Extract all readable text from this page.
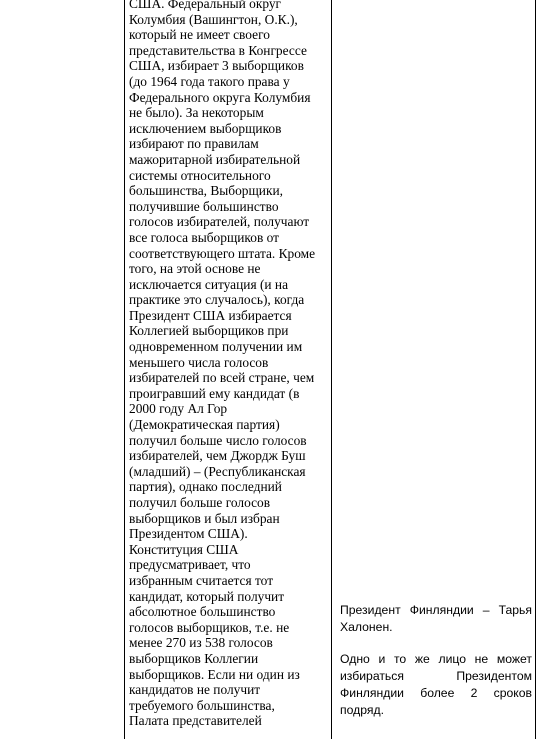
США. Федеральный округ
Колумбия (Вашингтон, О.К.),
который не имеет своего
представительства в Конгрессе
США, избирает 3 выборщиков
(до 1964 года такого права у
Федерального округа Колумбия
не было). За некоторым
исключением выборщиков
избирают по правилам
мажоритарной избирательной
системы относительного
большинства, Выборщики,
получившие большинство
голосов избирателей, получают
все голоса выборщиков от
соответствующего штата. Кроме
того, на этой основе не
исключается ситуация (и на
практике это случалось), когда
Президент США избирается
Коллегией выборщиков при
одновременном получении им
меньшего числа голосов
избирателей по всей стране, чем
проигравший ему кандидат (в
2000 году Ал Гор
(Демократическая партия)
получил больше число голосов
избирателей, чем Джордж Буш
(младший) – (Республиканская
партия), однако последний
получил больше голосов
выборщиков и был избран
Президентом США).
Конституция США
предусматривает, что
избранным считается тот
кандидат, который получит
абсолютное большинство
голосов выборщиков, т.е. не
менее 270 из 538 голосов
выборщиков Коллегии
выборщиков. Если ни один из
кандидатов не получит
требуемого большинства,
Палата представителей

Президент Финляндии – Тарья Халонен.

Одно и то же лицо не может избираться Президентом Финляндии более 2 сроков подряд.
